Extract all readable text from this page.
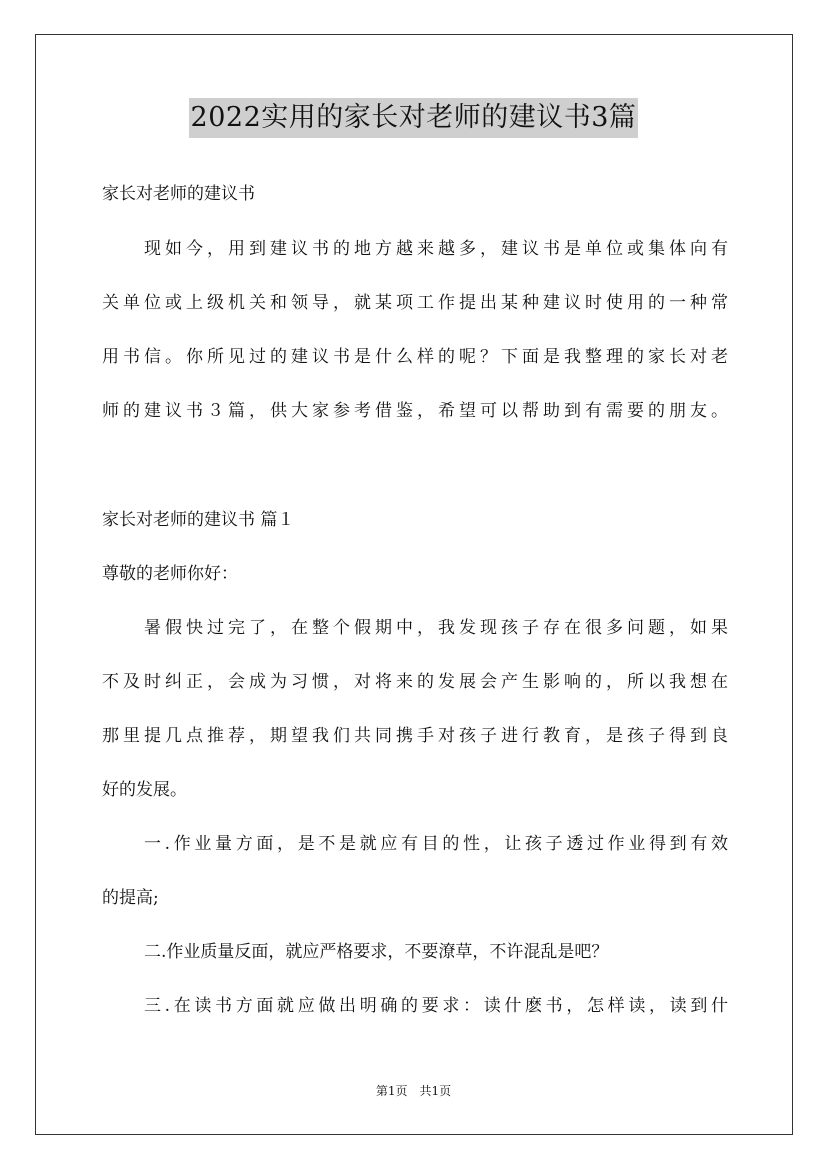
2022实用的家长对老师的建议书3篇
家长对老师的建议书
现如今，用到建议书的地方越来越多，建议书是单位或集体向有
关单位或上级机关和领导，就某项工作提出某种建议时使用的一种常
用书信。你所见过的建议书是什么样的呢？下面是我整理的家长对老
师的建议书３篇，供大家参考借鉴，希望可以帮助到有需要的朋友。
家长对老师的建议书 篇１
尊敬的老师你好：
暑假快过完了，在整个假期中，我发现孩子存在很多问题，如果
不及时纠正，会成为习惯，对将来的发展会产生影响的，所以我想在
那里提几点推荐，期望我们共同携手对孩子进行教育，是孩子得到良
好的发展。
一.作业量方面，是不是就应有目的性，让孩子透过作业得到有效
的提高;
二.作业质量反面，就应严格要求，不要潦草，不许混乱是吧？
三.在读书方面就应做出明确的要求：读什麽书，怎样读，读到什
第1页　共1页
